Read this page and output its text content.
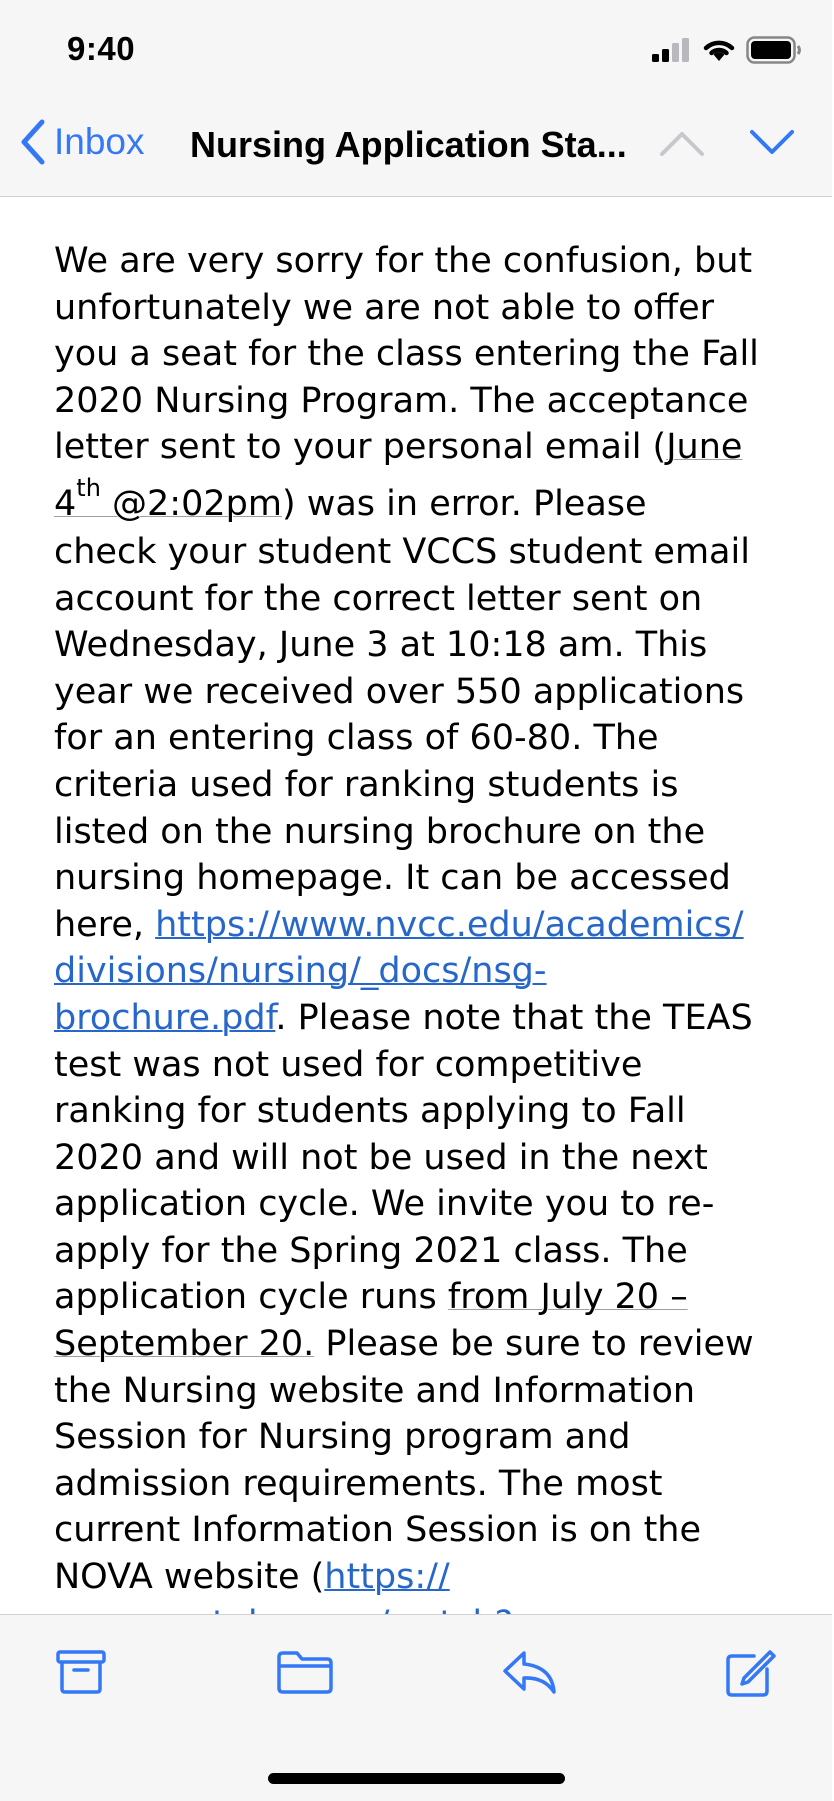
9:40
Inbox Nursing Application Sta...
We are very sorry for the confusion, but
unfortunately we are not able to offer
you a seat for the class entering the Fall
2020 Nursing Program. The acceptance
letter sent to your personal email (June
4th @2:02pm) was in error. Please
check your student VCCS student email
account for the correct letter sent on
Wednesday, June 3 at 10:18 am. This
year we received over 550 applications
for an entering class of 60-80. The
criteria used for ranking students is
listed on the nursing brochure on the
nursing homepage. It can be accessed
here, https://www.nvcc.edu/academics/
divisions/nursing/_docs/nsg-
brochure.pdf. Please note that the TEAS
test was not used for competitive
ranking for students applying to Fall
2020 and will not be used in the next
application cycle. We invite you to re-
apply for the Spring 2021 class. The
application cycle runs from July 20 –
September 20. Please be sure to review
the Nursing website and Information
Session for Nursing program and
admission requirements. The most
current Information Session is on the
NOVA website (https://
